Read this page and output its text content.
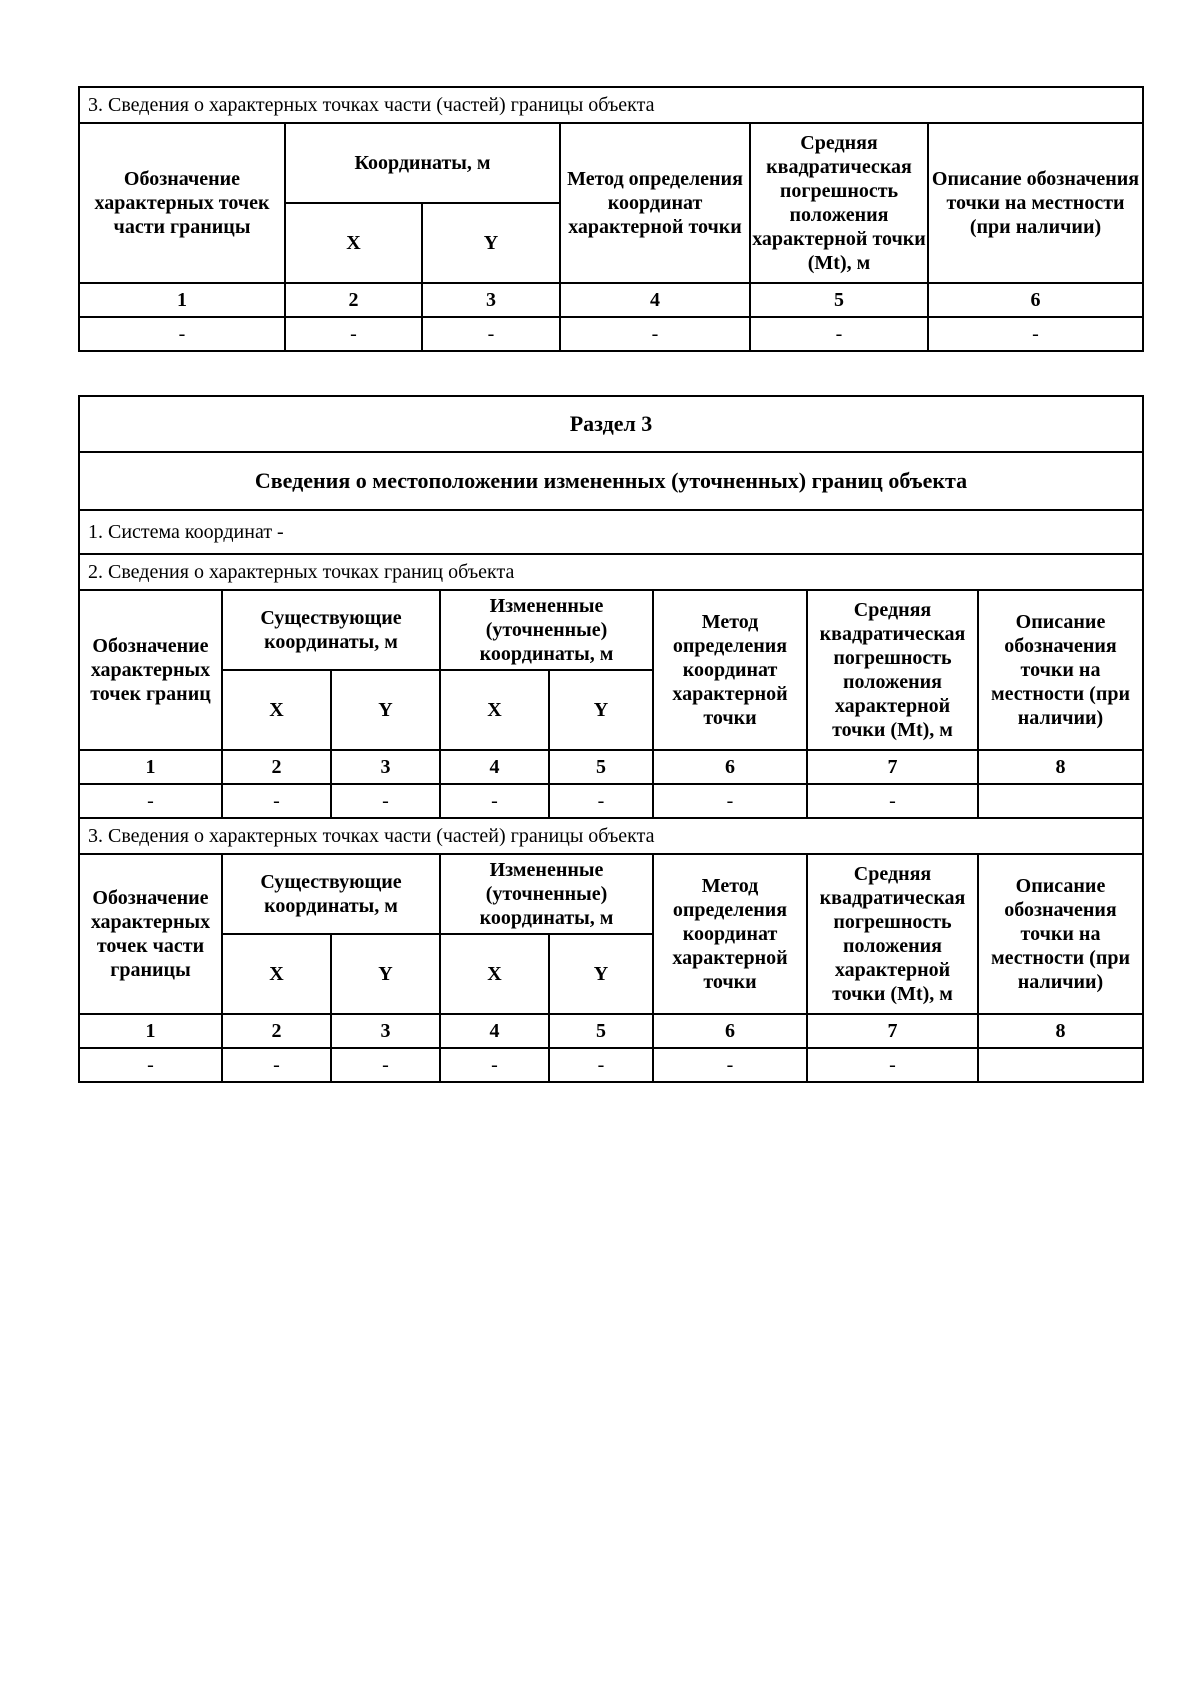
3. Сведения о характерных точках части (частей) границы объекта					
Обозначение характерных точек части границы	Координаты, м		Метод определения координат характерной точки	Средняя квадратическая погрешность положения характерной точки (Mt), м	Описание обозначения точки на местности (при наличии)
	X	Y			
1	2	3	4	5	6
-	-	-	-	-	-
Раздел 3							
Сведения о местоположении измененных (уточненных) границ объекта							
1. Система координат -							
2. Сведения о характерных точках границ объекта							
Обозначение характерных точек границ	Существующие координаты, м		Измененные (уточненные) координаты, м		Метод определения координат характерной точки	Средняя квадратическая погрешность положения характерной точки (Mt), м	Описание обозначения точки на местности (при наличии)
	X	Y	X	Y			
1	2	3	4	5	6	7	8
-	-	-	-	-	-	-	
3. Сведения о характерных точках части (частей) границы объекта							
Обозначение характерных точек части границы	Существующие координаты, м		Измененные (уточненные) координаты, м		Метод определения координат характерной точки	Средняя квадратическая погрешность положения характерной точки (Mt), м	Описание обозначения точки на местности (при наличии)
	X	Y	X	Y			
1	2	3	4	5	6	7	8
-	-	-	-	-	-	-	
